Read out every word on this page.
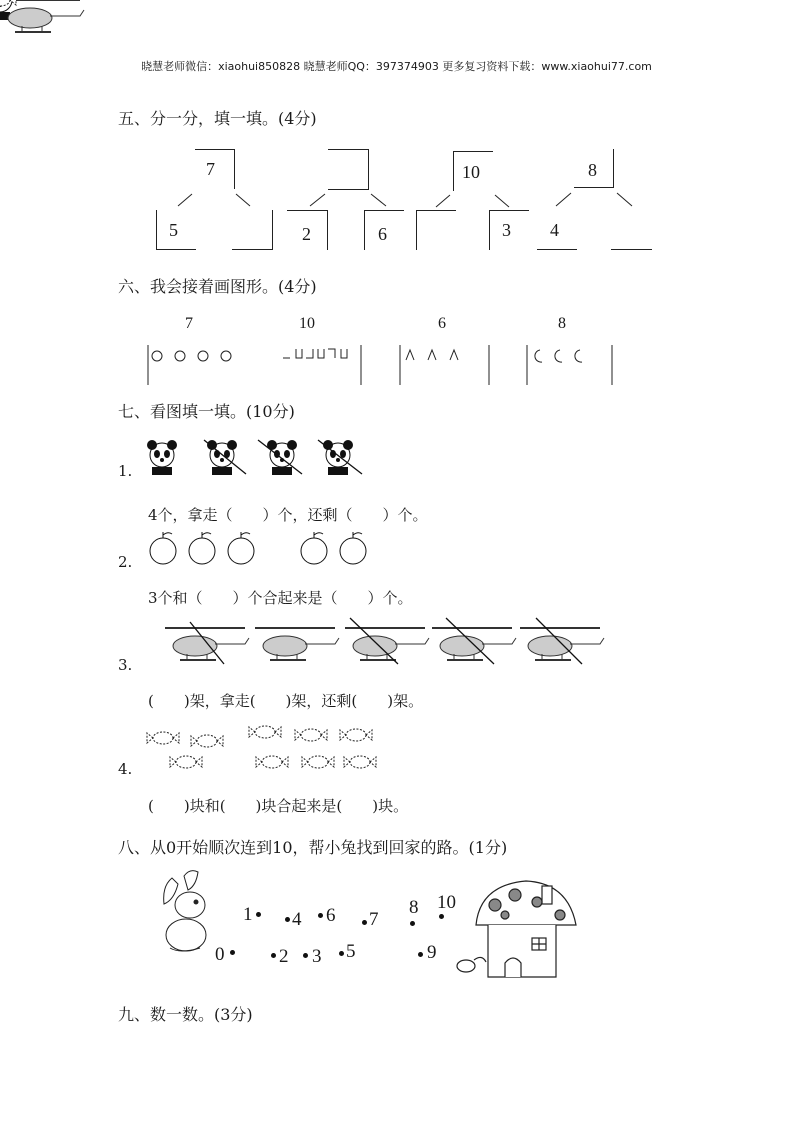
晓慧老师微信：xiaohui850828 晓慧老师QQ：397374903 更多复习资料下载：www.xiaohui77.com
五、分一分，填一填。(4分)
7
5	2	6
10
3
8
4
六、我会接着画图形。(4分)
7	10	6	8
七、看图填一填。(10分)
1.
4个，拿走（　　）个，还剩（　　）个。
2.
3个和（　　）个合起来是（　　）个。
3.
(　　)架，拿走(　　)架，还剩(　　)架。
4.
(　　)块和(　　)块合起来是(　　)块。
八、从0开始顺次连到10，帮小兔找到回家的路。(1分)
0
1
2 3
4
5
6 7
8
9
10
九、数一数。(3分)
